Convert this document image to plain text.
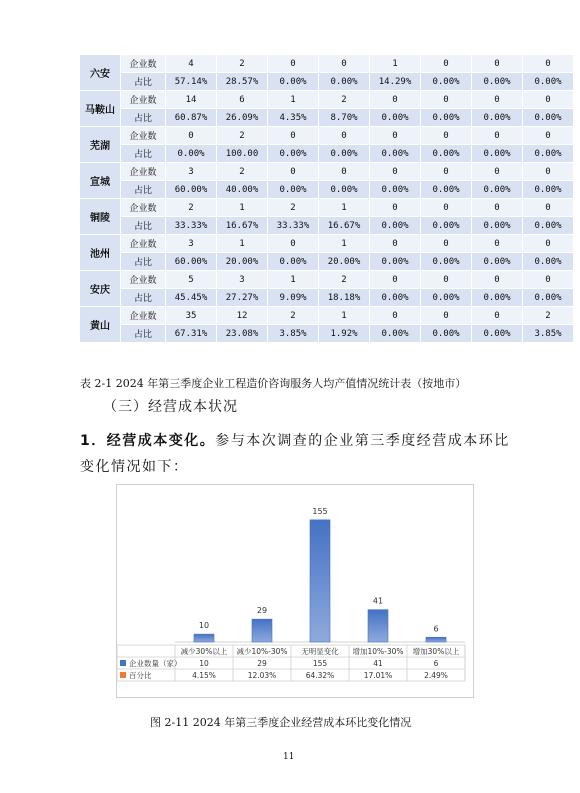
六安	企业数	4	2	0	0	1	0	0	0
	占比	57.14%	28.57%	0.00%	0.00%	14.29%	0.00%	0.00%	0.00%
马鞍山	企业数	14	6	1	2	0	0	0	0
	占比	60.87%	26.09%	4.35%	8.70%	0.00%	0.00%	0.00%	0.00%
芜湖	企业数	0	2	0	0	0	0	0	0
	占比	0.00%	100.00	0.00%	0.00%	0.00%	0.00%	0.00%	0.00%
宣城	企业数	3	2	0	0	0	0	0	0
	占比	60.00%	40.00%	0.00%	0.00%	0.00%	0.00%	0.00%	0.00%
铜陵	企业数	2	1	2	1	0	0	0	0
	占比	33.33%	16.67%	33.33%	16.67%	0.00%	0.00%	0.00%	0.00%
池州	企业数	3	1	0	1	0	0	0	0
	占比	60.00%	20.00%	0.00%	20.00%	0.00%	0.00%	0.00%	0.00%
安庆	企业数	5	3	1	2	0	0	0	0
	占比	45.45%	27.27%	9.09%	18.18%	0.00%	0.00%	0.00%	0.00%
黄山	企业数	35	12	2	1	0	0	0	2
	占比	67.31%	23.08%	3.85%	1.92%	0.00%	0.00%	0.00%	3.85%
表 2-1 2024 年第三季度企业工程造价咨询服务人均产值情况统计表（按地市）
（三）经营成本状况
1．经营成本变化。参与本次调查的企业第三季度经营成本环比变化情况如下：
10
29
155
41
6
减少30%以上 减少10%-30% 无明显变化 增加10%-30% 增加30%以上
企业数量（家） 10	29	155	41	6
百分比	4.15%	12.03%	64.32%	17.01%	2.49%
图 2-11 2024 年第三季度企业经营成本环比变化情况
11
